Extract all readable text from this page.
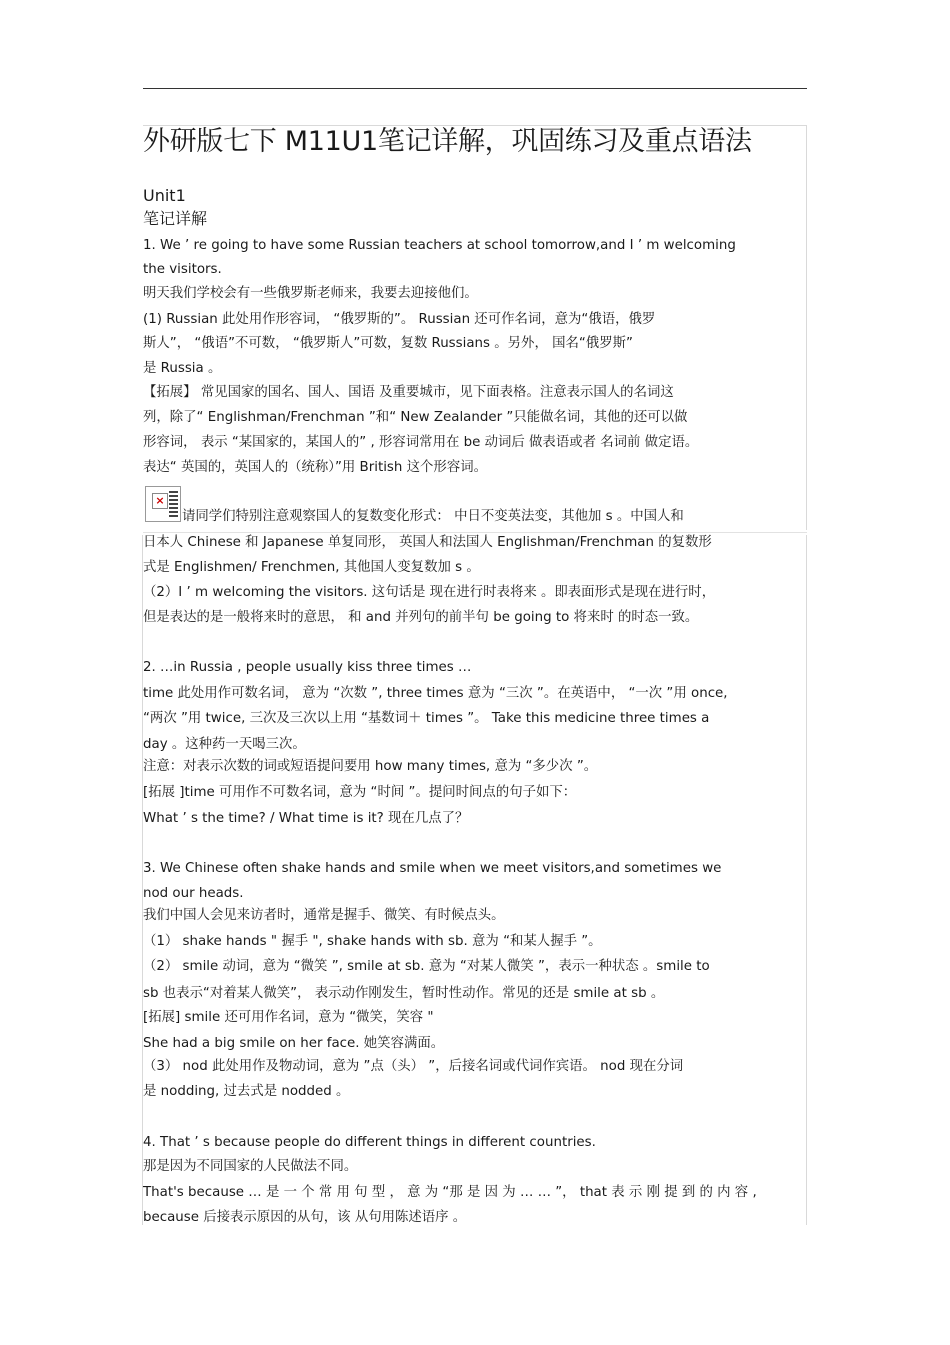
外研版七下 M11U1笔记详解，巩固练习及重点语法
Unit1
笔记详解
1. We ’ re going to have some Russian teachers at school tomorrow,and I ’ m welcoming
the visitors.
明天我们学校会有一些俄罗斯老师来，我要去迎接他们。
(1) Russian 此处用作形容词， “俄罗斯的”。 Russian 还可作名词，意为“俄语，俄罗
斯人”， “俄语”不可数， “俄罗斯人”可数，复数 Russians 。另外， 国名“俄罗斯”
是 Russia 。
【拓展】 常见国家的国名、国人、国语 及重要城市，见下面表格。注意表示国人的名词这
列，除了“ Englishman/Frenchman ”和“ New Zealander ”只能做名词，其他的还可以做
形容词， 表示 “某国家的，某国人的” , 形容词常用在 be 动词后 做表语或者 名词前 做定语。
表达“ 英国的，英国人的（统称）”用 British 这个形容词。
×
请同学们特别注意观察国人的复数变化形式： 中日不变英法变，其他加 s 。中国人和
日本人 Chinese 和 Japanese 单复同形， 英国人和法国人 Englishman/Frenchman 的复数形
式是 Englishmen/ Frenchmen, 其他国人变复数加 s 。
（2）I ’ m welcoming the visitors. 这句话是 现在进行时表将来 。即表面形式是现在进行时，
但是表达的是一般将来时的意思， 和 and 并列句的前半句 be going to 将来时 的时态一致。
2. …in Russia , people usually kiss three times …
time 此处用作可数名词， 意为 “次数 ”, three times 意为 “三次 ”。在英语中， “一次 ”用 once,
“两次 ”用 twice, 三次及三次以上用 “基数词＋ times ”。 Take this medicine three times a
day 。这种药一天喝三次。
注意：对表示次数的词或短语提问要用 how many times, 意为 “多少次 ”。
[拓展 ]time 可用作不可数名词，意为 “时间 ”。提问时间点的句子如下：
What ’ s the time? / What time is it? 现在几点了？
3. We Chinese often shake hands and smile when we meet visitors,and sometimes we
nod our heads.
我们中国人会见来访者时，通常是握手、微笑、有时候点头。
（1） shake hands " 握手 ", shake hands with sb. 意为 “和某人握手 ”。
（2） smile 动词，意为 “微笑 ”, smile at sb. 意为 “对某人微笑 ”，表示一种状态 。smile to
sb 也表示“对着某人微笑”， 表示动作刚发生，暂时性动作。常见的还是 smile at sb 。
[拓展] smile 还可用作名词，意为 “微笑，笑容 "
She had a big smile on her face. 她笑容满面。
（3） nod 此处用作及物动词，意为 ”点（头） ”，后接名词或代词作宾语。 nod 现在分词
是 nodding, 过去式是 nodded 。
4. That ’ s because people do different things in different countries.
那是因为不同国家的人民做法不同。
That's because … 是 一 个 常 用 句 型 ， 意 为 “那 是 因 为 … … ”， that 表 示 刚 提 到 的 内 容 ,
because 后接表示原因的从句，该 从句用陈述语序 。
